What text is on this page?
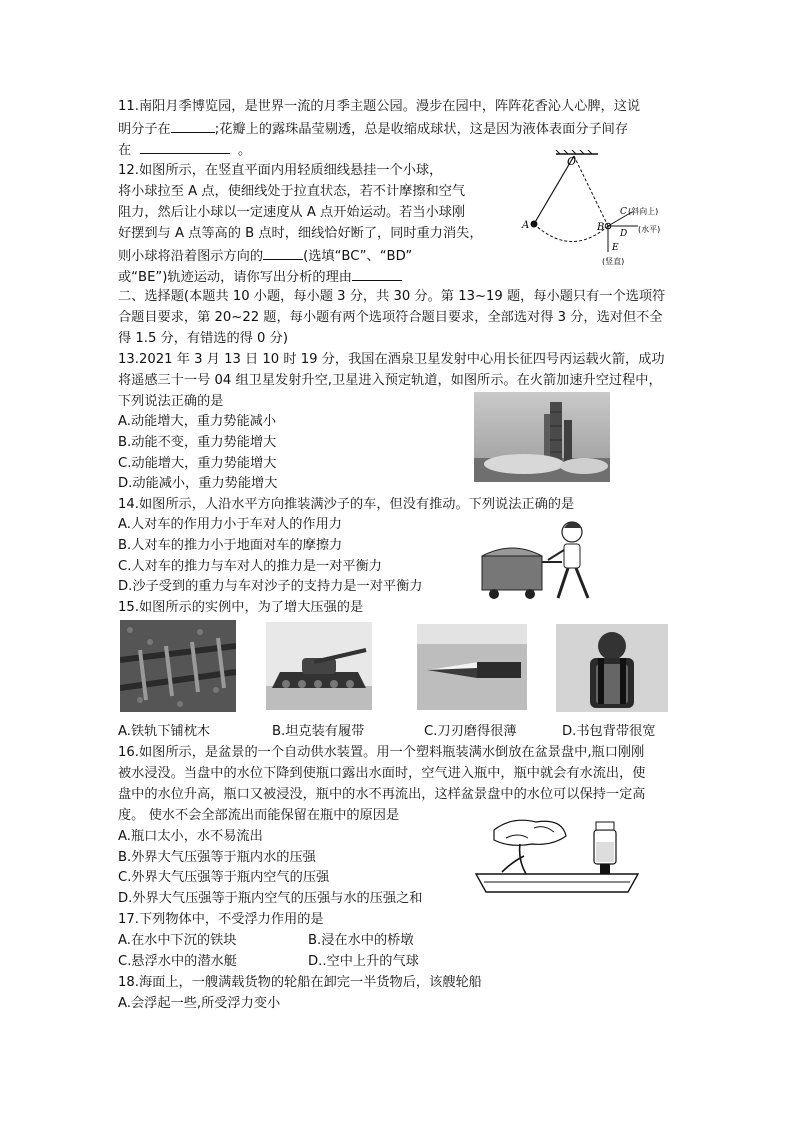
11.南阳月季博览园，是世界一流的月季主题公园。漫步在园中，阵阵花香沁人心脾，这说
明分子在	;花瓣上的露珠晶莹剔透，总是收缩成球状，这是因为液体表面分子间存
在	。
12.如图所示，在竖直平面内用轻质细线悬挂一个小球，
将小球拉至 A 点，使细线处于拉直状态，若不计摩擦和空气
阻力，然后让小球以一定速度从 A 点开始运动。若当小球刚
好摆到与 A 点等高的 B 点时，细线恰好断了，同时重力消失，
则小球将沿着图示方向的	(选填“BC”、“BD”
或“BE”)轨迹运动，请你写出分析的理由
O
A	B
C (斜向上)
D (水平)
E
(竖直)
二、选择题(本题共 10 小题，每小题 3 分，共 30 分。第 13~19 题，每小题只有一个选项符
合题目要求，第 20~22 题，每小题有两个选项符合题目要求，全部选对得 3 分，选对但不全
得 1.5 分，有错选的得 0 分)
13.2021 年 3 月 13 日 10 时 19 分，我国在酒泉卫星发射中心用长征四号丙运载火箭，成功
将遥感三十一号 04 组卫星发射升空,卫星进入预定轨道，如图所示。在火箭加速升空过程中，
下列说法正确的是
A.动能增大，重力势能减小
B.动能不变，重力势能增大
C.动能增大，重力势能增大
D.动能减小，重力势能增大
14.如图所示，人沿水平方向推装满沙子的车，但没有推动。下列说法正确的是
A.人对车的作用力小于车对人的作用力
B.人对车的推力小于地面对车的摩擦力
C.人对车的推力与车对人的推力是一对平衡力
D.沙子受到的重力与车对沙子的支持力是一对平衡力
15.如图所示的实例中，为了增大压强的是
A.铁轨下铺枕木	B.坦克装有履带	C.刀刃磨得很薄	D.书包背带很宽
16.如图所示，是盆景的一个自动供水装置。用一个塑料瓶装满水倒放在盆景盘中,瓶口刚刚
被水浸没。当盘中的水位下降到使瓶口露出水面时，空气进入瓶中，瓶中就会有水流出，使
盘中的水位升高，瓶口又被浸没，瓶中的水不再流出，这样盆景盘中的水位可以保持一定高
度。 使水不会全部流出而能保留在瓶中的原因是
A.瓶口太小，水不易流出
B.外界大气压强等于瓶内水的压强
C.外界大气压强等于瓶内空气的压强
D.外界大气压强等于瓶内空气的压强与水的压强之和
17.下列物体中，不受浮力作用的是
A.在水中下沉的铁块	B.浸在水中的桥墩
C.悬浮水中的潜水艇	D..空中上升的气球
18.海面上，一艘满载货物的轮船在卸完一半货物后，该艘轮船
A.会浮起一些,所受浮力变小
